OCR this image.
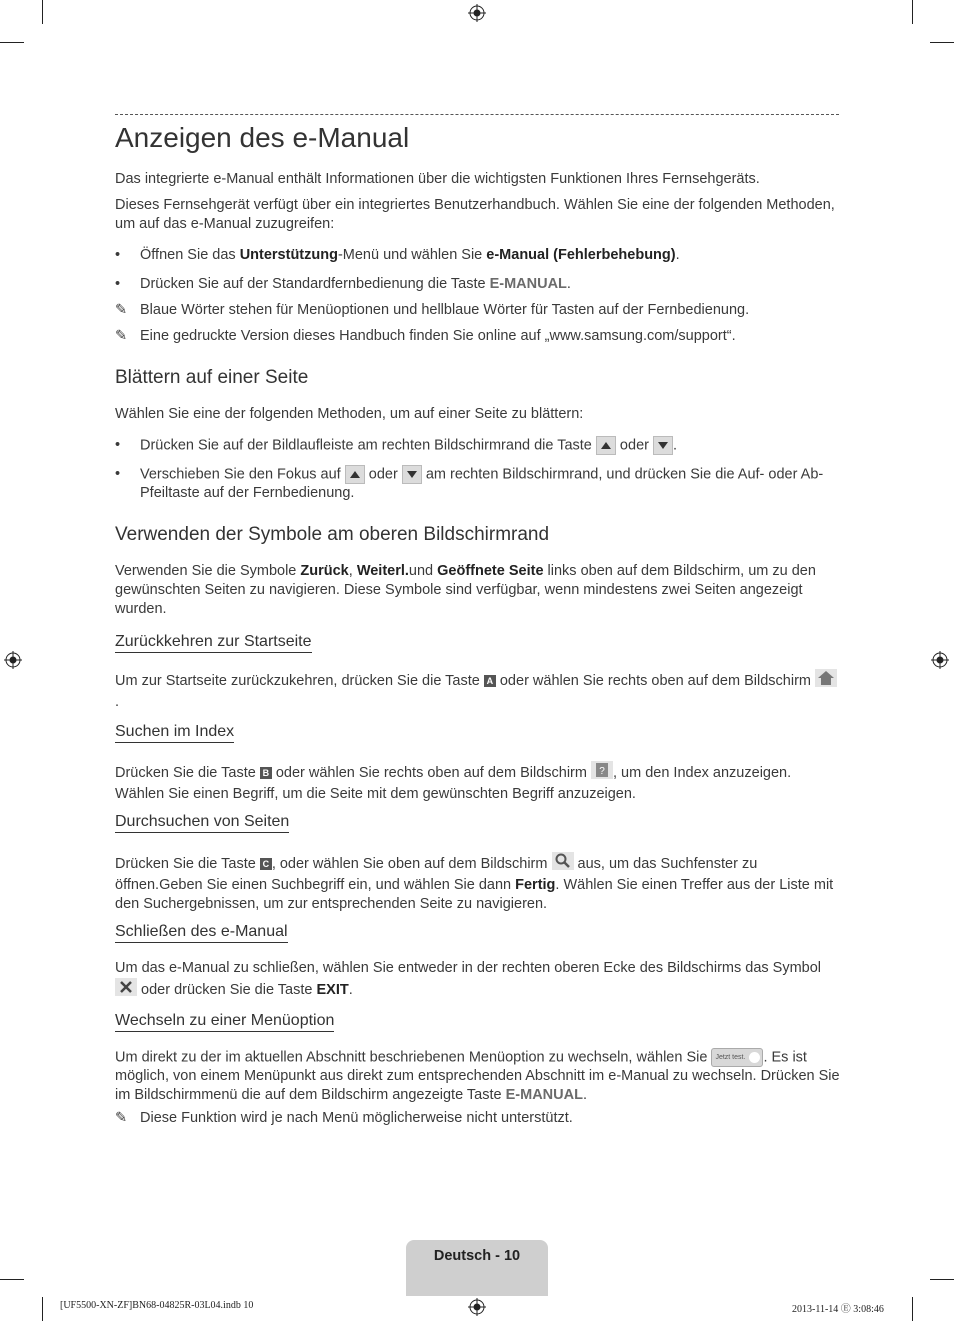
Anzeigen des e-Manual

Das integrierte e-Manual enthält Informationen über die wichtigsten Funktionen Ihres Fernsehgeräts.

Dieses Fernsehgerät verfügt über ein integriertes Benutzerhandbuch. Wählen Sie eine der folgenden Methoden, um auf das e-Manual zuzugreifen:

•	Öffnen Sie das Unterstützung-Menü und wählen Sie e-Manual (Fehlerbehebung).
•	Drücken Sie auf der Standardfernbedienung die Taste E-MANUAL.
✎ Blaue Wörter stehen für Menüoptionen und hellblaue Wörter für Tasten auf der Fernbedienung.
✎ Eine gedruckte Version dieses Handbuch finden Sie online auf „www.samsung.com/support“.
Blättern auf einer Seite

Wählen Sie eine der folgenden Methoden, um auf einer Seite zu blättern:

•	Drücken Sie auf der Bildlaufleiste am rechten Bildschirmrand die Taste  oder .
•	Verschieben Sie den Fokus auf  oder  am rechten Bildschirmrand, und drücken Sie die Auf- oder Ab-Pfeiltaste auf der Fernbedienung.
Verwenden der Symbole am oberen Bildschirmrand

Verwenden Sie die Symbole Zurück, Weiterl.und Geöffnete Seite links oben auf dem Bildschirm, um zu den gewünschten Seiten zu navigieren. Diese Symbole sind verfügbar, wenn mindestens zwei Seiten angezeigt wurden.

Zurückkehren zur Startseite

Um zur Startseite zurückzukehren, drücken Sie die Taste A oder wählen Sie rechts oben auf dem Bildschirm .

Suchen im Index

Drücken Sie die Taste B oder wählen Sie rechts oben auf dem Bildschirm ? , um den Index anzuzeigen. Wählen Sie einen Begriff, um die Seite mit dem gewünschten Begriff anzuzeigen.

Durchsuchen von Seiten

Drücken Sie die Taste C , oder wählen Sie oben auf dem Bildschirm  aus, um das Suchfenster zu öffnen.Geben Sie einen Suchbegriff ein, und wählen Sie dann Fertig. Wählen Sie einen Treffer aus der Liste mit den Suchergebnissen, um zur entsprechenden Seite zu navigieren.

Schließen des e-Manual

Um das e-Manual zu schließen, wählen Sie entweder in der rechten oberen Ecke des Bildschirms das Symbol  oder drücken Sie die Taste EXIT.

Wechseln zu einer Menüoption

Um direkt zu der im aktuellen Abschnitt beschriebenen Menüoption zu wechseln, wählen Sie Jetzt test. . Es ist möglich, von einem Menüpunkt aus direkt zum entsprechenden Abschnitt im e-Manual zu wechseln. Drücken Sie im Bildschirmmenü die auf dem Bildschirm angezeigte Taste E-MANUAL.

✎ Diese Funktion wird je nach Menü möglicherweise nicht unterstützt.
Deutsch - 10
[UF5500-XN-ZF]BN68-04825R-03L04.indb 10	2013-11-14 Ⓔ 3:08:46
